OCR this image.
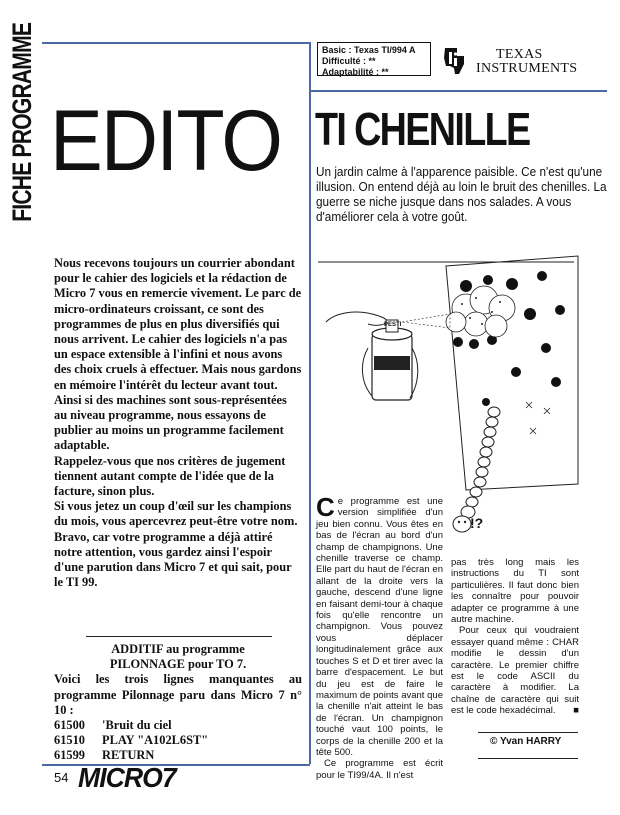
FICHE PROGRAMME EDITO

Nous recevons toujours un courrier abondant pour le cahier des logiciels et la rédaction de Micro 7 vous en remercie vivement. Le parc de micro-ordinateurs croissant, ce sont des programmes de plus en plus diversifiés qui nous arrivent. Le cahier des logiciels n'a pas un espace extensible à l'infini et nous avons des choix cruels à effectuer. Mais nous gardons en mémoire l'intérêt du lecteur avant tout.

Ainsi si des machines sont sous-représentées au niveau programme, nous essayons de publier au moins un programme facilement adaptable.

Rappelez-vous que nos critères de jugement tiennent autant compte de l'idée que de la facture, sinon plus.

Si vous jetez un coup d'œil sur les champions du mois, vous apercevrez peut-être votre nom. Bravo, car votre programme a déjà attiré notre attention, vous gardez ainsi l'espoir d'une parution dans Micro 7 et qui sait, pour le TI 99.

ADDITIF au programme
PILONNAGE pour TO 7.
Voici les trois lignes manquantes au programme Pilonnage paru dans Micro 7 n° 10 :
61500	'Bruit du ciel
61510	PLAY "A102L6ST"
61599	RETURN
54 MICRO7
Basic : Texas TI/994 A
Difficulté : **
Adaptabilité : **
TEXAS
INSTRUMENTS
TI CHENILLE
Un jardin calme à l'apparence paisible. Ce n'est qu'une illusion. On entend déjà au loin le bruit des chenilles. La guerre se niche jusque dans nos salades. A vous d'améliorer cela à votre goût.
PESTI
!?
Ce programme est une version simplifiée d'un jeu bien connu. Vous êtes en bas de l'écran au bord d'un champ de champignons. Une chenille traverse ce champ. Elle part du haut de l'écran en allant de la droite vers la gauche, descend d'une ligne en faisant demi-tour à chaque fois qu'elle rencontre un champignon. Vous pouvez vous déplacer longitudinalement grâce aux touches S et D et tirer avec la barre d'espacement. Le but du jeu est de faire le maximum de points avant que la chenille n'ait atteint le bas de l'écran. Un champignon touché vaut 100 points, le corps de la chenille 200 et la tête 500.
Ce programme est écrit pour le TI99/4A. Il n'est
pas très long mais les instructions du TI sont particulières. Il faut donc bien les connaître pour pouvoir adapter ce programme à une autre machine.
Pour ceux qui voudraient essayer quand même : CHAR modifie le dessin d'un caractère. Le premier chiffre est le code ASCII du caractère à modifier. La chaîne de caractère qui suit est le code hexadécimal.	■
© Yvan HARRY
